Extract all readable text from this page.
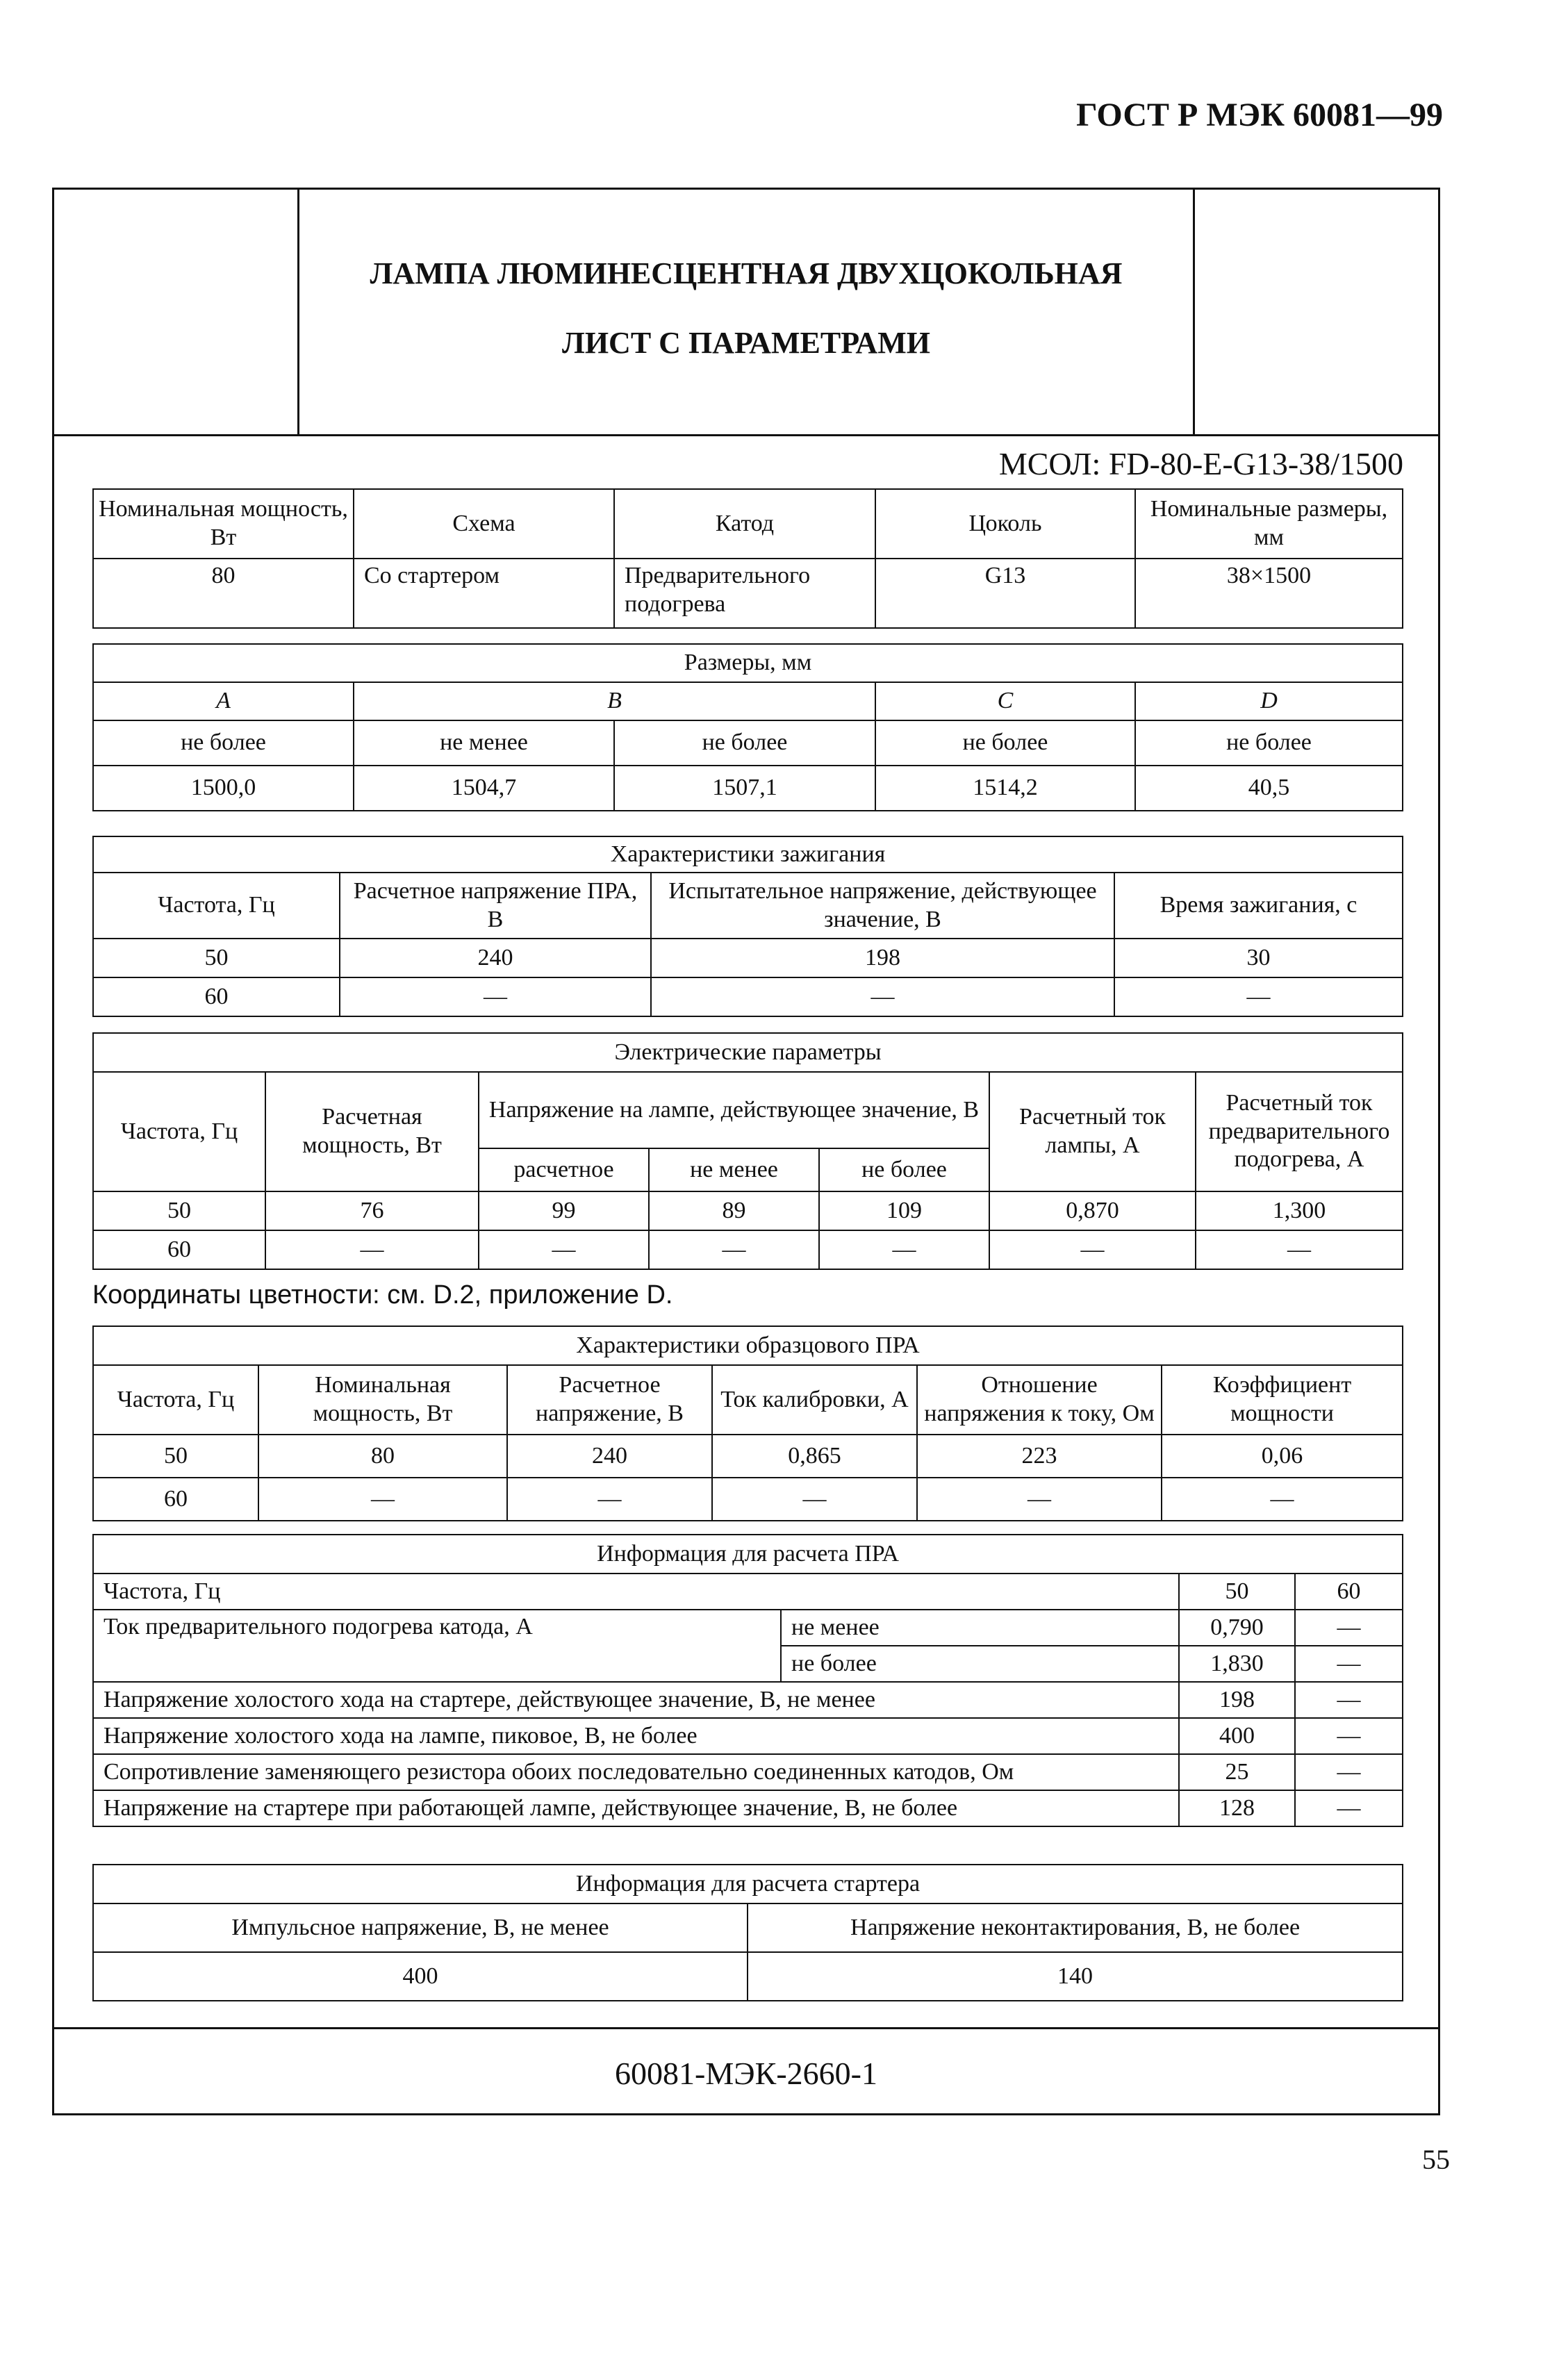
ГОСТ Р МЭК 60081—99
ЛАМПА ЛЮМИНЕСЦЕНТНАЯ ДВУХЦОКОЛЬНАЯ
ЛИСТ С ПАРАМЕТРАМИ
МСОЛ: FD-80-E-G13-38/1500
Номинальная мощность, Вт	Схема	Катод	Цоколь	Номинальные размеры, мм
80	Со стартером	Предварительного подогрева	G13	38×1500
Размеры, мм				
A	B		C	D
не более	не менее	не более	не более	не более
1500,0	1504,7	1507,1	1514,2	40,5
Характеристики зажигания			
Частота, Гц	Расчетное напряжение ПРА, В	Испытательное напряжение, действующее значение, В	Время зажигания, с
50	240	198	30
60	—	—	—
Электрические параметры						
Частота, Гц	Расчетная мощность, Вт	Напряжение на лампе, действующее значение, В			Расчетный ток лампы, А	Расчетный ток предварительного подогрева, А
		расчетное	не менее	не более		
50	76	99	89	109	0,870	1,300
60	—	—	—	—	—	—
Координаты цветности: см. D.2, приложение D.
Характеристики образцового ПРА					
Частота, Гц	Номинальная мощность, Вт	Расчетное напряжение, В	Ток калибровки, А	Отношение напряжения к току, Ом	Коэффициент мощности
50	80	240	0,865	223	0,06
60	—	—	—	—	—
Информация для расчета ПРА			
Частота, Гц		50	60
Ток предварительного подогрева катода, А	не менее	0,790	—
	не более	1,830	—
Напряжение холостого хода на стартере, действующее значение, В, не менее		198	—
Напряжение холостого хода на лампе, пиковое, В, не более		400	—
Сопротивление заменяющего резистора обоих последовательно соединенных катодов, Ом		25	—
Напряжение на стартере при работающей лампе, действующее значение, В, не более		128	—
Информация для расчета стартера	
Импульсное напряжение, В, не менее	Напряжение неконтактирования, В, не более
400	140
60081-МЭК-2660-1
55
